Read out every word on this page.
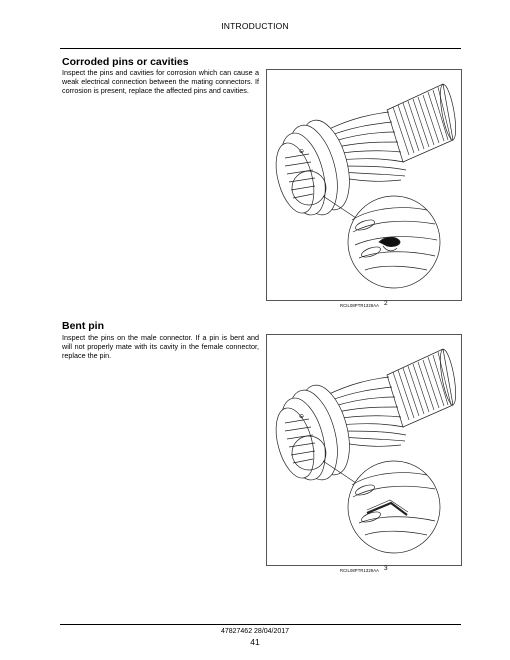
INTRODUCTION
Corroded pins or cavities
Inspect the pins and cavities for corrosion which can cause a weak electrical connection between the mating connectors. If corrosion is present, replace the affected pins and cavities.
⊖
RCIL08PTR1328AA 2
Bent pin
Inspect the pins on the male connector. If a pin is bent and will not properly mate with its cavity in the female connector, replace the pin.
⊖
RCIL08PTR1329AA 3
47827462 28/04/2017
41
